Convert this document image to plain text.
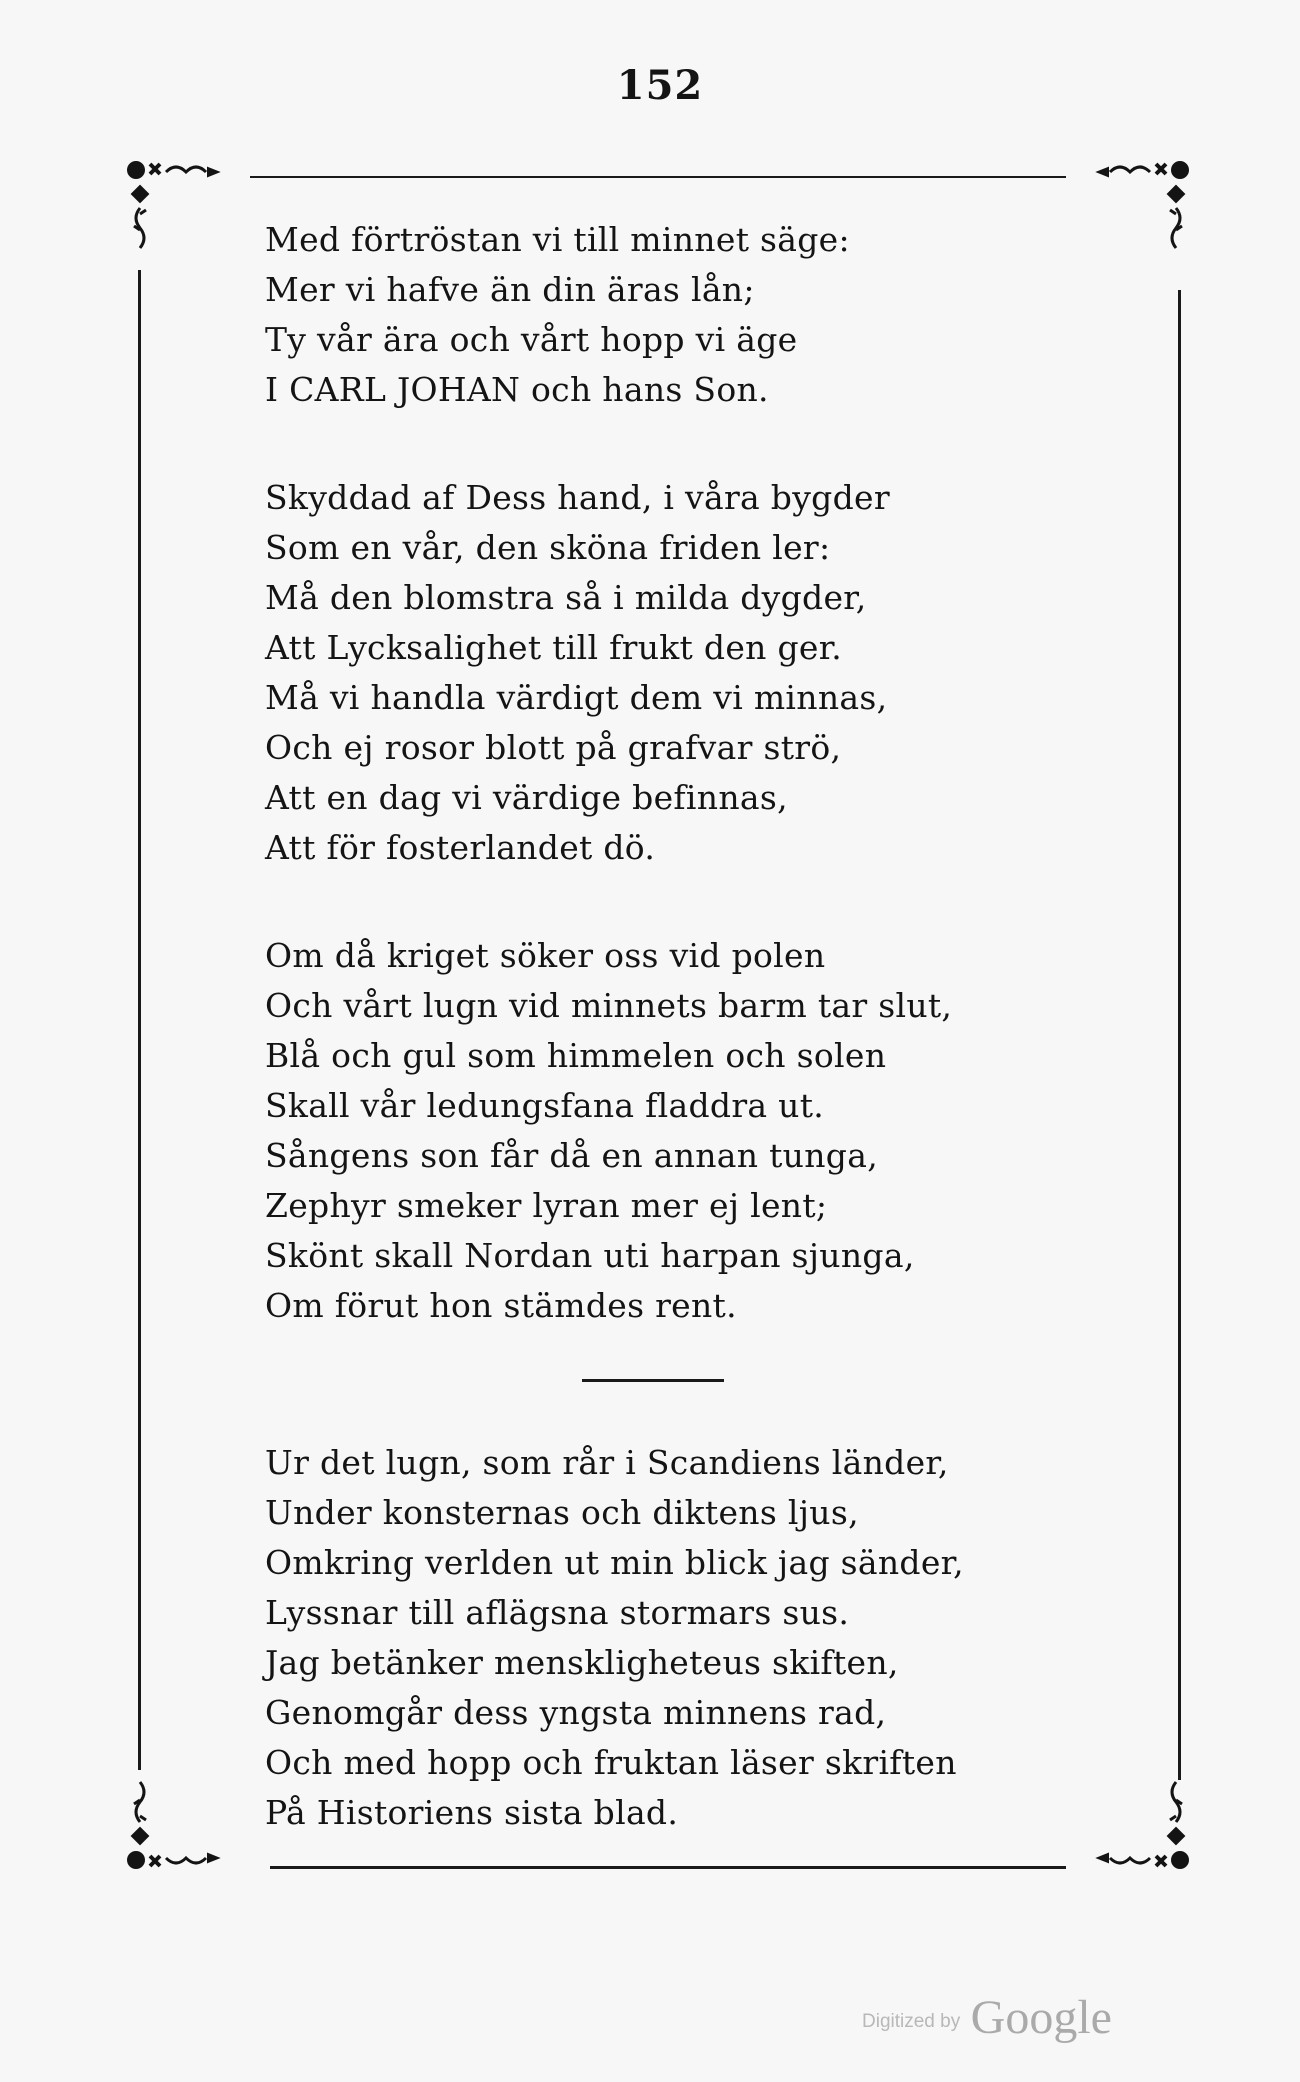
152
Med förtröstan vi till minnet säge:
Mer vi hafve än din äras lån;
Ty vår ära och vårt hopp vi äge
I CARL JOHAN och hans Son.
Skyddad af Dess hand, i våra bygder
Som en vår, den sköna friden ler:
Må den blomstra så i milda dygder,
Att Lycksalighet till frukt den ger.
Må vi handla värdigt dem vi minnas,
Och ej rosor blott på grafvar strö,
Att en dag vi värdige befinnas,
Att för fosterlandet dö.
Om då kriget söker oss vid polen
Och vårt lugn vid minnets barm tar slut,
Blå och gul som himmelen och solen
Skall vår ledungsfana fladdra ut.
Sångens son får då en annan tunga,
Zephyr smeker lyran mer ej lent;
Skönt skall Nordan uti harpan sjunga,
Om förut hon stämdes rent.
Ur det lugn, som rår i Scandiens länder,
Under konsternas och diktens ljus,
Omkring verlden ut min blick jag sänder,
Lyssnar till aflägsna stormars sus.
Jag betänker menskligheteus skiften,
Genomgår dess yngsta minnens rad,
Och med hopp och fruktan läser skriften
På Historiens sista blad.
Digitized by Google
